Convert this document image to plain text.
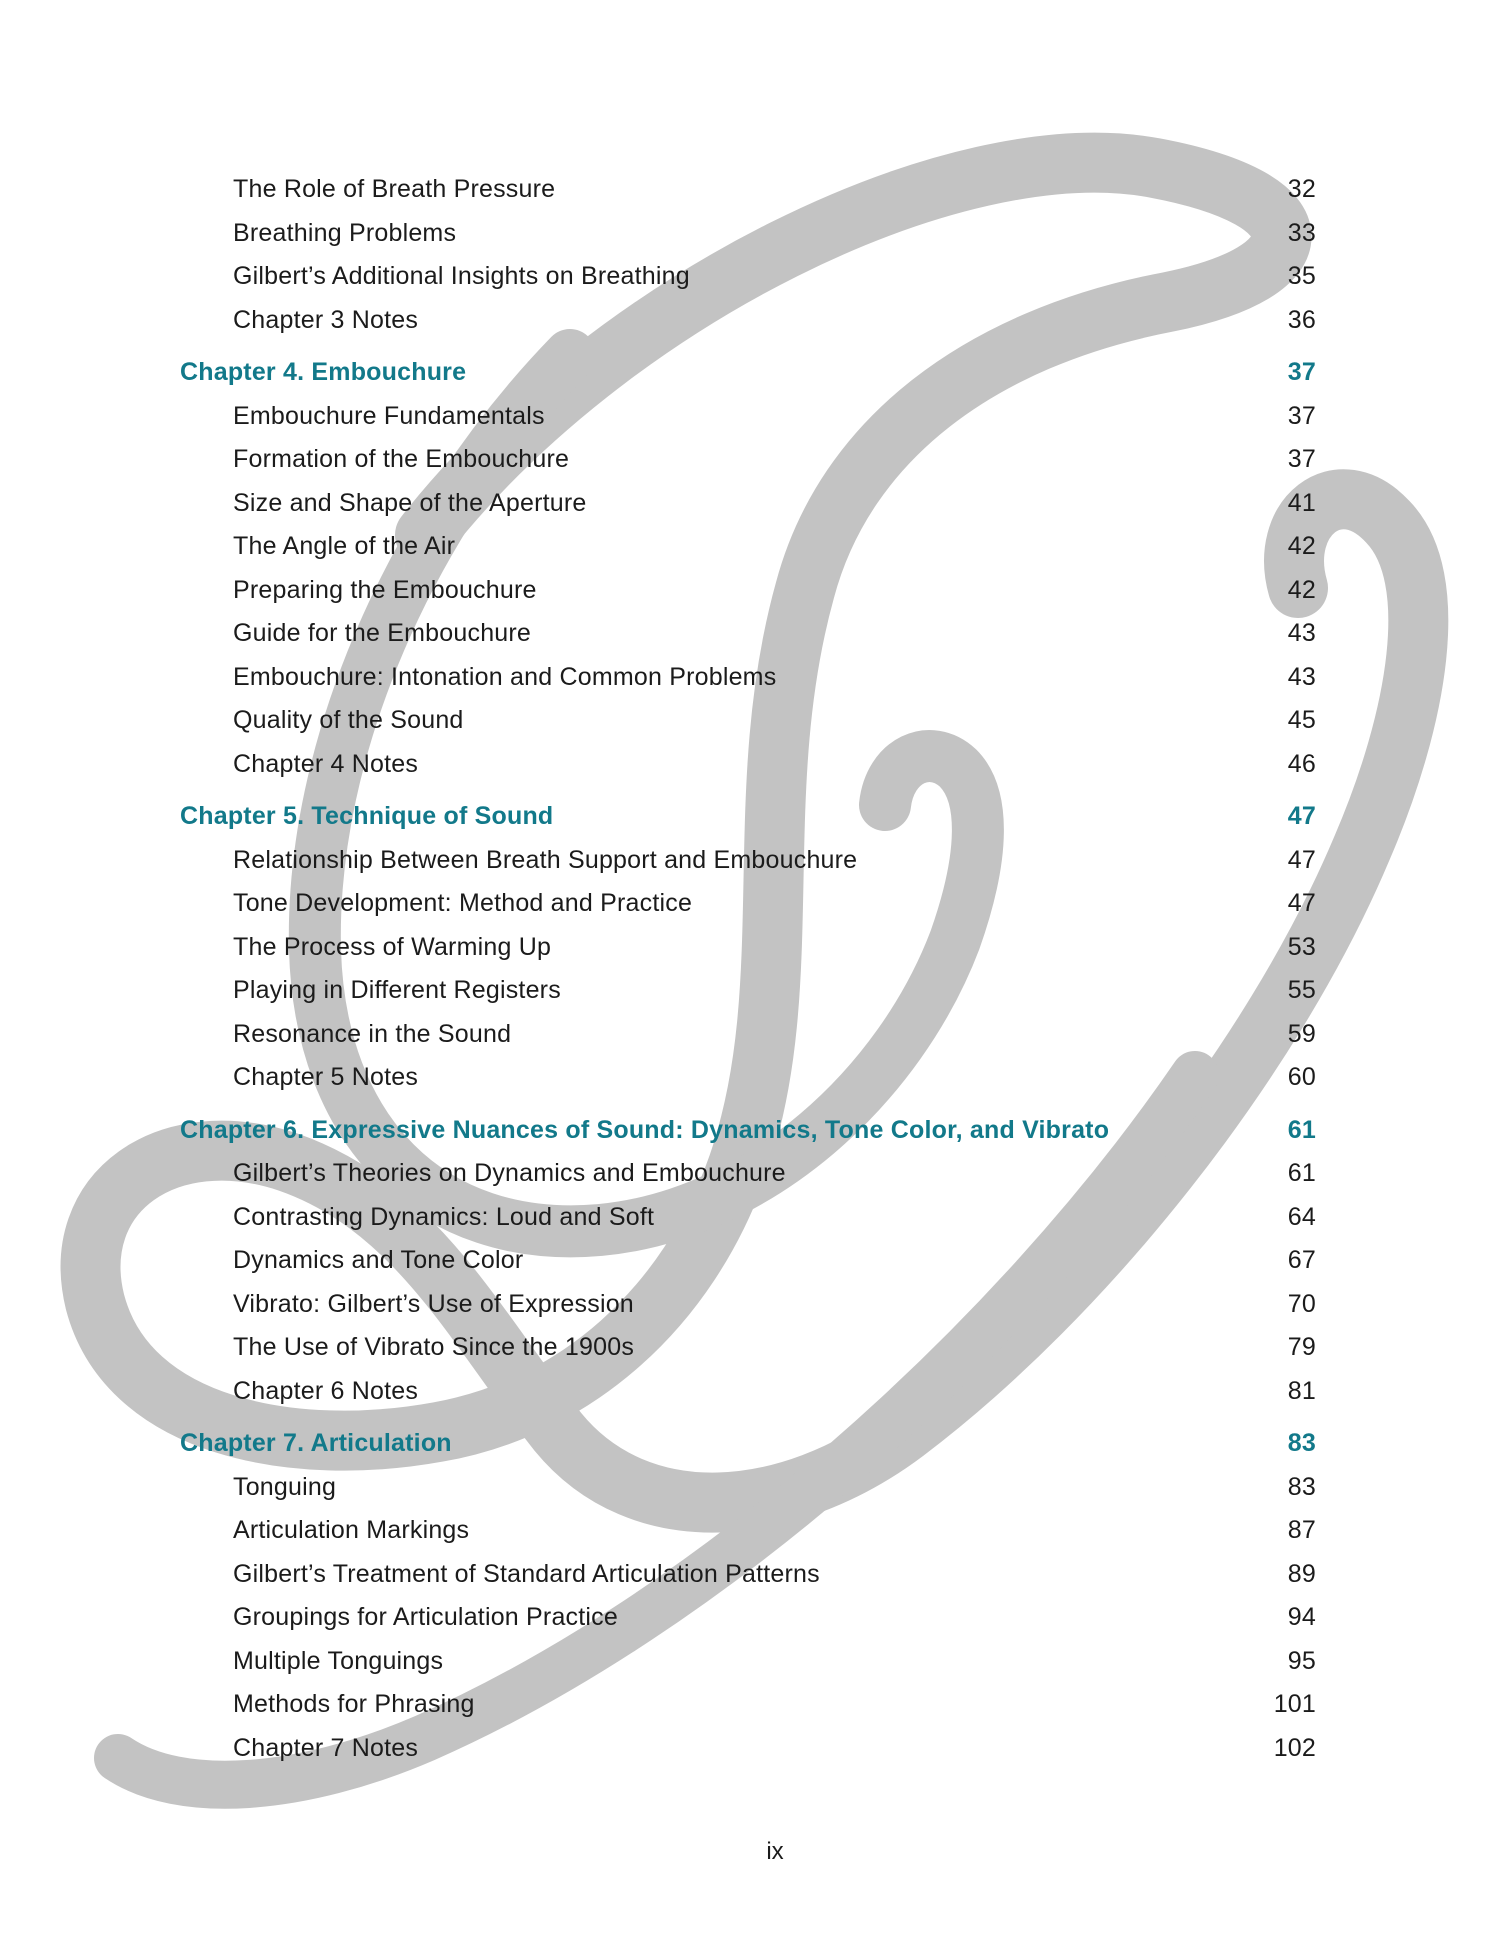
The Role of Breath Pressure	32
Breathing Problems	33
Gilbert’s Additional Insights on Breathing	35
Chapter 3 Notes	36
Chapter 4. Embouchure	37
Embouchure Fundamentals	37
Formation of the Embouchure	37
Size and Shape of the Aperture	41
The Angle of the Air	42
Preparing the Embouchure	42
Guide for the Embouchure	43
Embouchure: Intonation and Common Problems	43
Quality of the Sound	45
Chapter 4 Notes	46
Chapter 5. Technique of Sound	47
Relationship Between Breath Support and Embouchure	47
Tone Development: Method and Practice	47
The Process of Warming Up	53
Playing in Different Registers	55
Resonance in the Sound	59
Chapter 5 Notes	60
Chapter 6. Expressive Nuances of Sound: Dynamics, Tone Color, and Vibrato	61
Gilbert’s Theories on Dynamics and Embouchure	61
Contrasting Dynamics: Loud and Soft	64
Dynamics and Tone Color	67
Vibrato: Gilbert’s Use of Expression	70
The Use of Vibrato Since the 1900s	79
Chapter 6 Notes	81
Chapter 7. Articulation	83
Tonguing	83
Articulation Markings	87
Gilbert’s Treatment of Standard Articulation Patterns	89
Groupings for Articulation Practice	94
Multiple Tonguings	95
Methods for Phrasing	101
Chapter 7 Notes	102
ix
